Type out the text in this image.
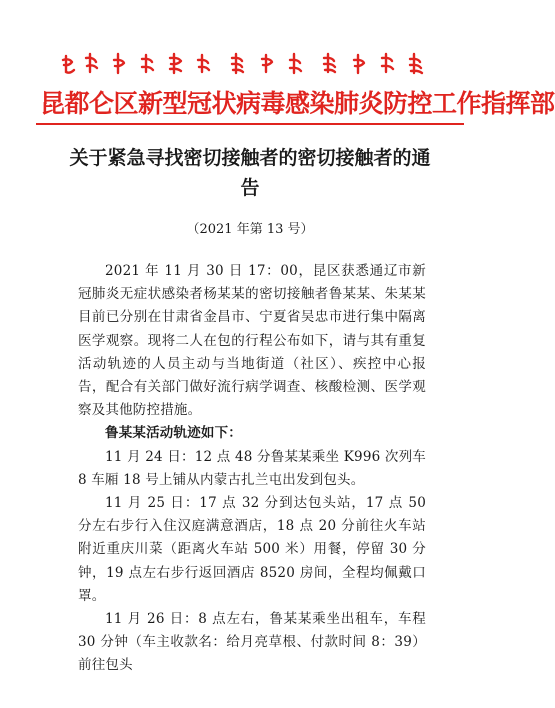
昆都仑区新型冠状病毒感染肺炎防控工作指挥部
关于紧急寻找密切接触者的密切接触者的通告
（2021 年第 13 号）

2021 年 11 月 30 日 17：00，昆区获悉通辽市新冠肺炎无症状感染者杨某某的密切接触者鲁某某、朱某某目前已分别在甘肃省金昌市、宁夏省吴忠市进行集中隔离医学观察。现将二人在包的行程公布如下，请与其有重复活动轨迹的人员主动与当地街道（社区）、疾控中心报告，配合有关部门做好流行病学调查、核酸检测、医学观察及其他防控措施。

鲁某某活动轨迹如下：

11 月 24 日：12 点 48 分鲁某某乘坐 K996 次列车 8 车厢 18 号上铺从内蒙古扎兰屯出发到包头。

11 月 25 日：17 点 32 分到达包头站，17 点 50 分左右步行入住汉庭满意酒店，18 点 20 分前往火车站附近重庆川菜（距离火车站 500 米）用餐，停留 30 分钟，19 点左右步行返回酒店 8520 房间，全程均佩戴口罩。

11 月 26 日：8 点左右，鲁某某乘坐出租车，车程 30 分钟（车主收款名：给月亮草根、付款时间 8：39）前往包头
